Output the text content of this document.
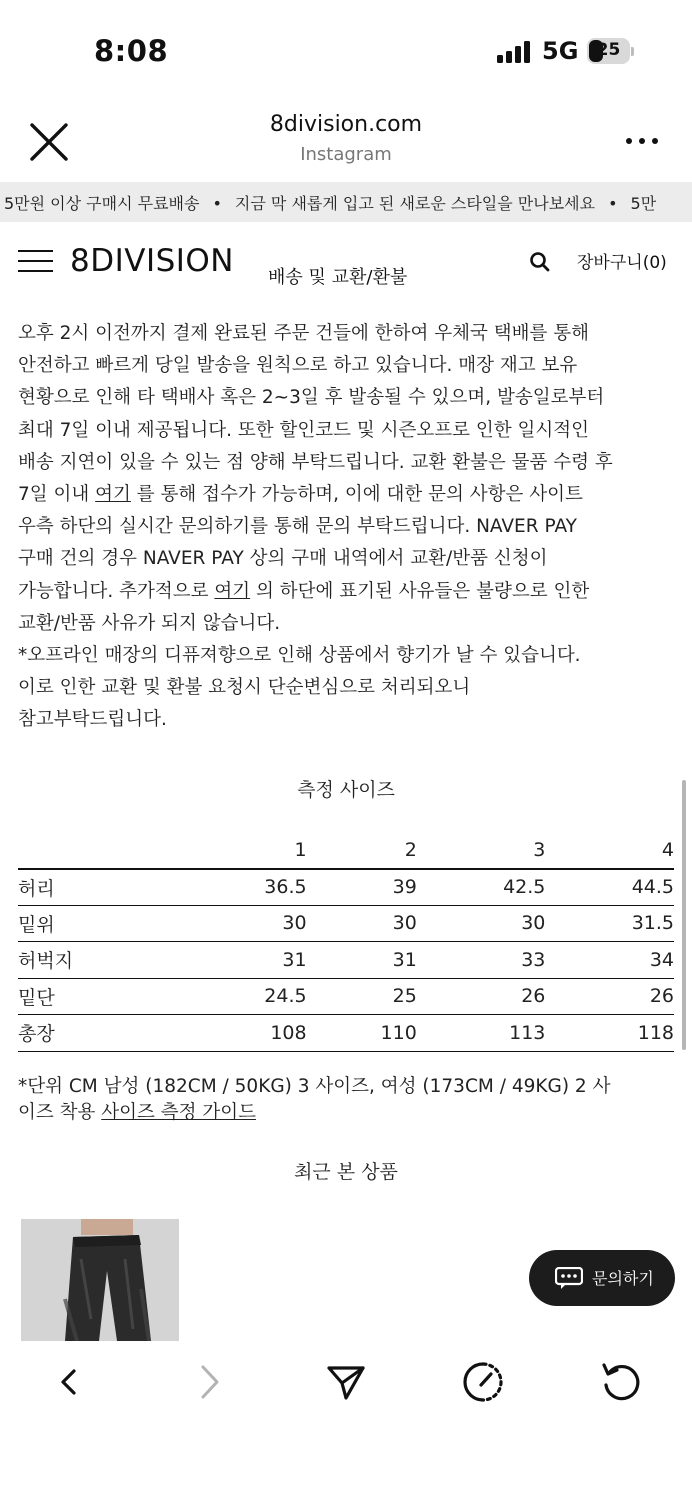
8:08	5G	25
8division.com
Instagram
5만원 이상 구매시 무료배송 • 지금 막 새롭게 입고 된 새로운 스타일을 만나보세요 • 5만
8DIVISION 배송 및 교환/환불
장바구니(0)
오후 2시 이전까지 결제 완료된 주문 건들에 한하여 우체국 택배를 통해
안전하고 빠르게 당일 발송을 원칙으로 하고 있습니다. 매장 재고 보유
현황으로 인해 타 택배사 혹은 2~3일 후 발송될 수 있으며, 발송일로부터
최대 7일 이내 제공됩니다. 또한 할인코드 및 시즌오프로 인한 일시적인
배송 지연이 있을 수 있는 점 양해 부탁드립니다. 교환 환불은 물품 수령 후
7일 이내 여기 를 통해 접수가 가능하며, 이에 대한 문의 사항은 사이트
우측 하단의 실시간 문의하기를 통해 문의 부탁드립니다. NAVER PAY
구매 건의 경우 NAVER PAY 상의 구매 내역에서 교환/반품 신청이
가능합니다. 추가적으로 여기 의 하단에 표기된 사유들은 불량으로 인한
교환/반품 사유가 되지 않습니다.
*오프라인 매장의 디퓨져향으로 인해 상품에서 향기가 날 수 있습니다.
이로 인한 교환 및 환불 요청시 단순변심으로 처리되오니
참고부탁드립니다.
측정 사이즈
	1	2	3	4
허리	36.5	39	42.5	44.5
밑위	30	30	30	31.5
허벅지	31	31	33	34
밑단	24.5	25	26	26
총장	108	110	113	118
*단위 CM 남성 (182CM / 50KG) 3 사이즈, 여성 (173CM / 49KG) 2 사
이즈 착용 사이즈 측정 가이드
최근 본 상품
문의하기
